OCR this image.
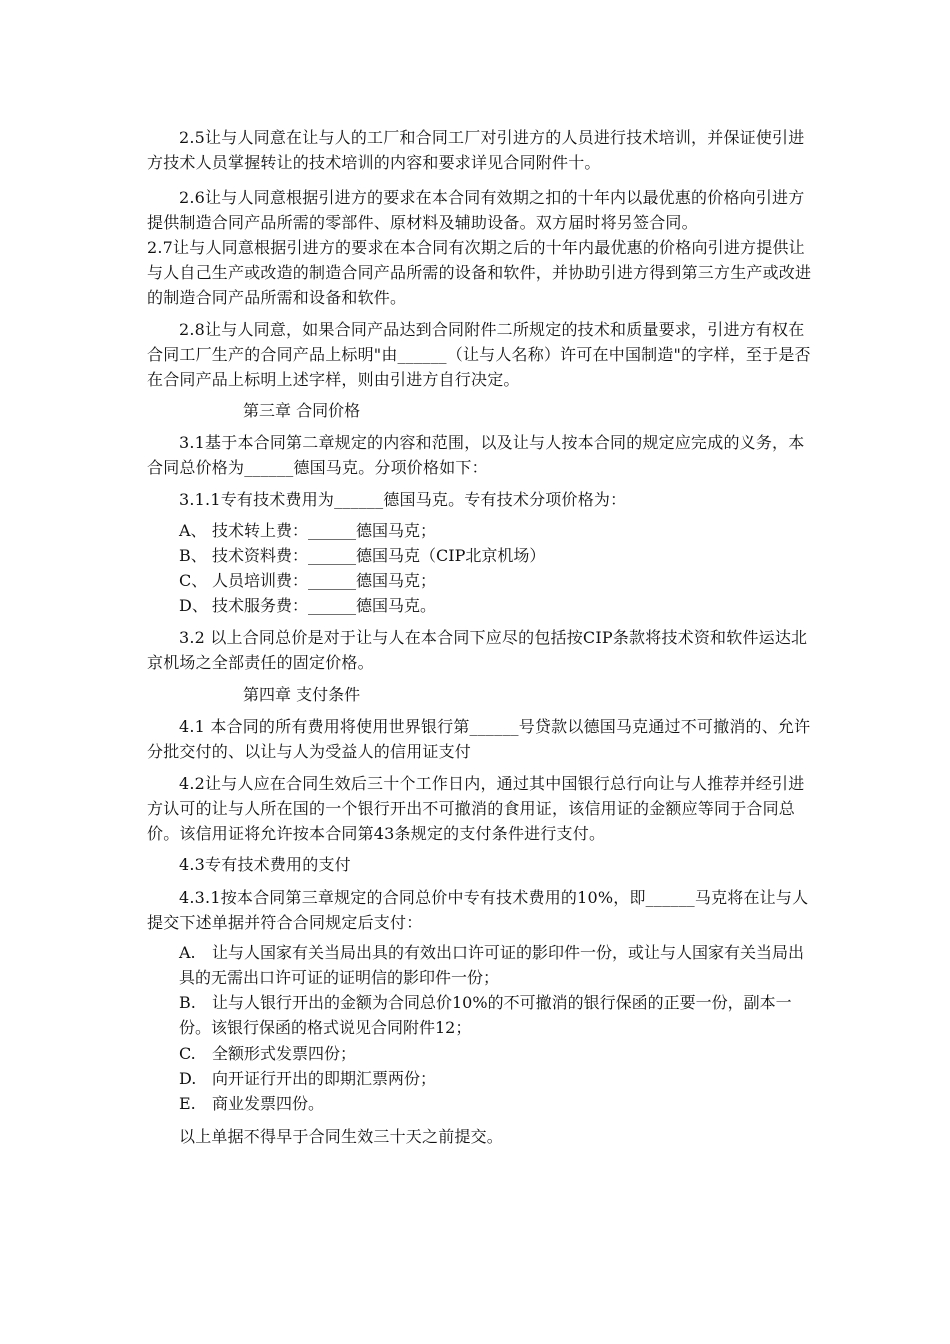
2.5让与人同意在让与人的工厂和合同工厂对引进方的人员进行技术培训，并保证使引进方技术人员掌握转让的技术培训的内容和要求详见合同附件十。

2.6让与人同意根据引进方的要求在本合同有效期之扣的十年内以最优惠的价格向引进方提供制造合同产品所需的零部件、原材料及辅助设备。双方届时将另签合同。

2.7让与人同意根据引进方的要求在本合同有次期之后的十年内最优惠的价格向引进方提供让与人自己生产或改造的制造合同产品所需的设备和软件，并协助引进方得到第三方生产或改进的制造合同产品所需和设备和软件。

2.8让与人同意，如果合同产品达到合同附件二所规定的技术和质量要求，引进方有权在合同工厂生产的合同产品上标明"由______（让与人名称）许可在中国制造"的字样，至于是否在合同产品上标明上述字样，则由引进方自行决定。

第三章 合同价格

3.1基于本合同第二章规定的内容和范围，以及让与人按本合同的规定应完成的义务，本合同总价格为______德国马克。分项价格如下：

3.1.1专有技术费用为______德国马克。专有技术分项价格为：

A、 技术转上费：______德国马克；

B、 技术资料费：______德国马克（CIP北京机场）

C、 人员培训费：______德国马克；

D、 技术服务费：______德国马克。

3.2 以上合同总价是对于让与人在本合同下应尽的包括按CIP条款将技术资和软件运达北京机场之全部责任的固定价格。

第四章 支付条件

4.1 本合同的所有费用将使用世界银行第______号贷款以德国马克通过不可撤消的、允许分批交付的、以让与人为受益人的信用证支付

4.2让与人应在合同生效后三十个工作日内，通过其中国银行总行向让与人推荐并经引进方认可的让与人所在国的一个银行开出不可撤消的食用证，该信用证的金额应等同于合同总价。该信用证将允许按本合同第43条规定的支付条件进行支付。

4.3专有技术费用的支付

4.3.1按本合同第三章规定的合同总价中专有技术费用的10%，即______马克将在让与人提交下述单据并符合合同规定后支付：

A. 让与人国家有关当局出具的有效出口许可证的影印件一份，或让与人国家有关当局出具的无需出口许可证的证明信的影印件一份；

B. 让与人银行开出的金额为合同总价10%的不可撤消的银行保函的正要一份，副本一份。该银行保函的格式说见合同附件12；

C. 全额形式发票四份；

D. 向开证行开出的即期汇票两份；

E. 商业发票四份。

以上单据不得早于合同生效三十天之前提交。
